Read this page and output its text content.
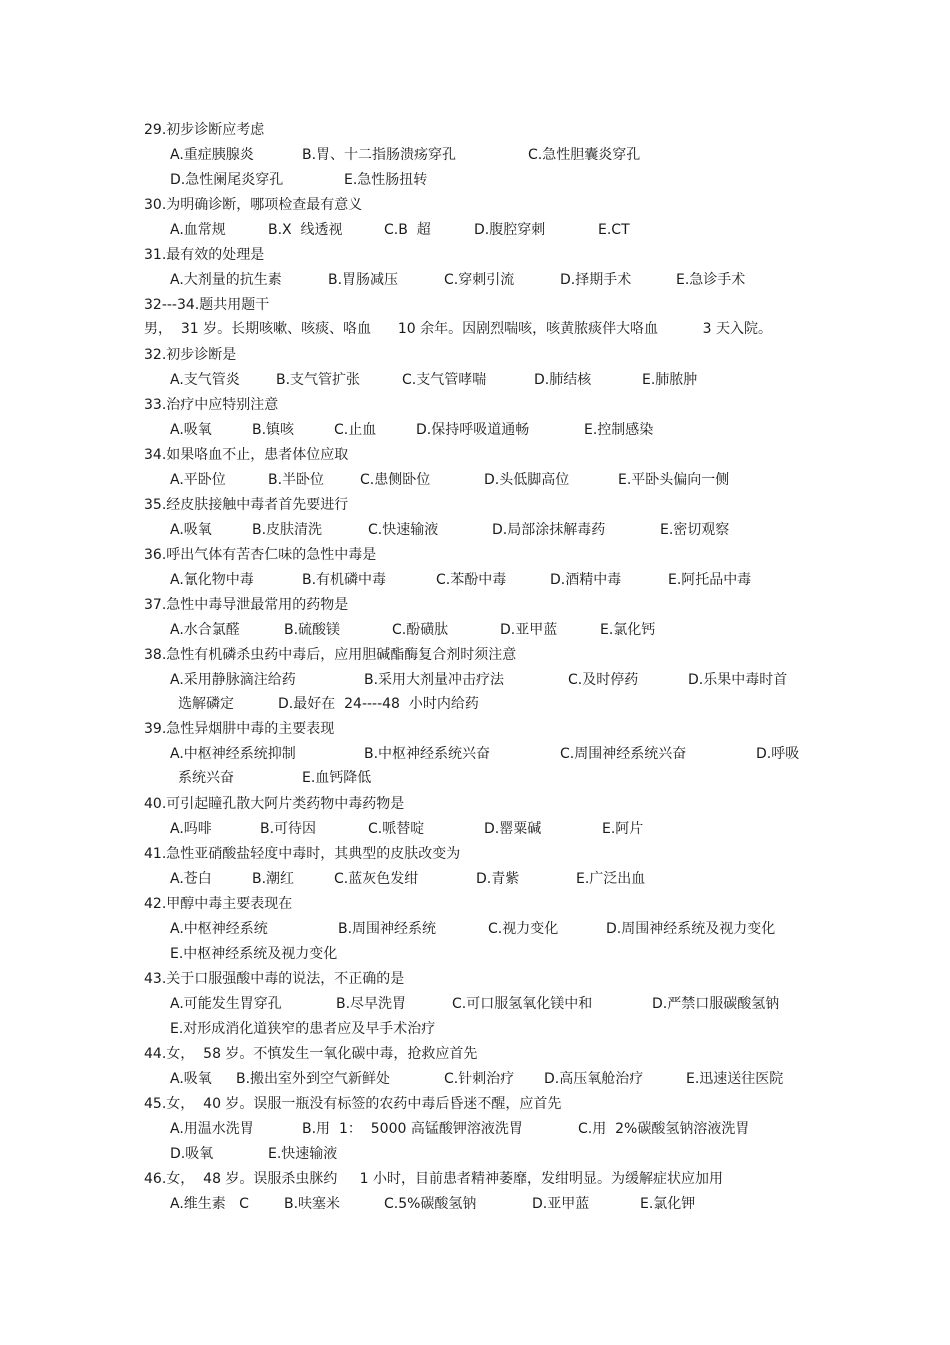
29.初步诊断应考虑

A.重症胰腺炎

	B.胃、十二指肠溃疡穿孔

	C.急性胆囊炎穿孔

D.急性阑尾炎穿孔

	E.急性肠扭转

30.为明确诊断，哪项检查最有意义

A.血常规

	B.X  线透视

	C.B  超

	D.腹腔穿刺

	E.CT

31.最有效的处理是

A.大剂量的抗生素

	B.胃肠减压

	C.穿刺引流

	D.择期手术

	E.急诊手术

32---34.题共用题干
男，  31 岁。长期咳嗽、咳痰、咯血      10 余年。因剧烈喘咳，咳黄脓痰伴大咯血          3 天入院。
32.初步诊断是

A.支气管炎

	B.支气管扩张

	C.支气管哮喘

	D.肺结核

	E.肺脓肿

33.治疗中应特别注意

A.吸氧

	B.镇咳

	C.止血

	D.保持呼吸道通畅

	E.控制感染

34.如果咯血不止，患者体位应取

A.平卧位

	B.半卧位

	C.患侧卧位

	D.头低脚高位

	E.平卧头偏向一侧

35.经皮肤接触中毒者首先要进行

A.吸氧

	B.皮肤清洗

	C.快速输液

	D.局部涂抹解毒药

	E.密切观察

36.呼出气体有苦杏仁味的急性中毒是

A.氰化物中毒

	B.有机磷中毒

	C.苯酚中毒

	D.酒精中毒

	E.阿托品中毒

37.急性中毒导泄最常用的药物是

A.水合氯醛

	B.硫酸镁

	C.酚磺肽

	D.亚甲蓝

	E.氯化钙

38.急性有机磷杀虫药中毒后，应用胆碱酯酶复合剂时须注意

A.采用静脉滴注给药

	B.采用大剂量冲击疗法

	C.及时停药

	D.乐果中毒时首

选解磷定

	D.最好在  24----48  小时内给药

39.急性异烟肼中毒的主要表现

A.中枢神经系统抑制

	B.中枢神经系统兴奋

	C.周围神经系统兴奋

	D.呼吸

系统兴奋

	E.血钙降低

40.可引起瞳孔散大阿片类药物中毒药物是

A.吗啡

	B.可待因

	C.哌替啶

	D.罂粟碱

	E.阿片

41.急性亚硝酸盐轻度中毒时，其典型的皮肤改变为

A.苍白

	B.潮红

	C.蓝灰色发绀

	D.青紫

	E.广泛出血

42.甲醇中毒主要表现在

A.中枢神经系统

	B.周围神经系统

	C.视力变化

	D.周围神经系统及视力变化

E.中枢神经系统及视力变化

43.关于口服强酸中毒的说法，不正确的是

A.可能发生胃穿孔

	B.尽早洗胃

	C.可口服氢氧化镁中和

	D.严禁口服碳酸氢钠

E.对形成消化道狭窄的患者应及早手术治疗

44.女，  58 岁。不慎发生一氧化碳中毒，抢救应首先

A.吸氧

B.搬出室外到空气新鲜处

	C.针刺治疗

D.高压氧舱治疗

	E.迅速送往医院

45.女，  40 岁。误服一瓶没有标签的农药中毒后昏迷不醒，应首先

A.用温水洗胃

	B.用  1：  5000 高锰酸钾溶液洗胃

	C.用  2%碳酸氢钠溶液洗胃

D.吸氧

	E.快速输液

46.女，  48 岁。误服杀虫脒约     1 小时，目前患者精神萎靡，发绀明显。为缓解症状应加用

A.维生素   C

	B.呋塞米

	C.5%碳酸氢钠

	D.亚甲蓝

	E.氯化钾
